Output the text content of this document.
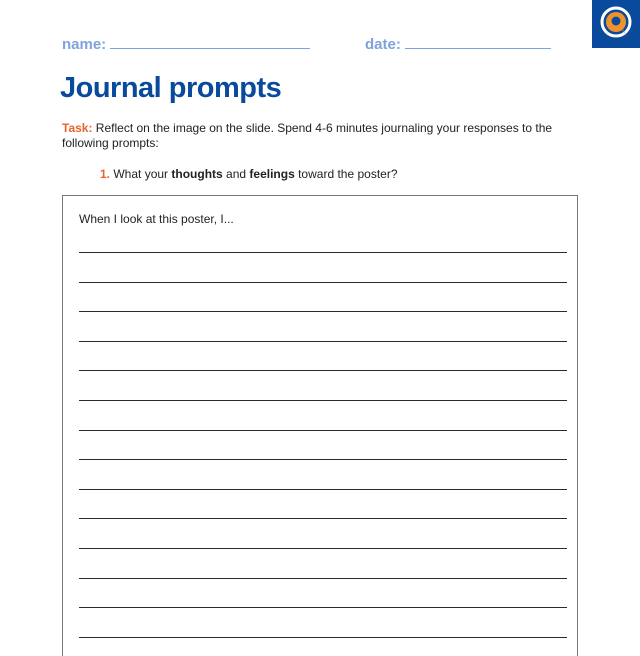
name:	date:
Journal prompts
Task: Reflect on the image on the slide. Spend 4-6 minutes journaling your responses to the following prompts:
1. What your thoughts and feelings toward the poster?
When I look at this poster, I...
